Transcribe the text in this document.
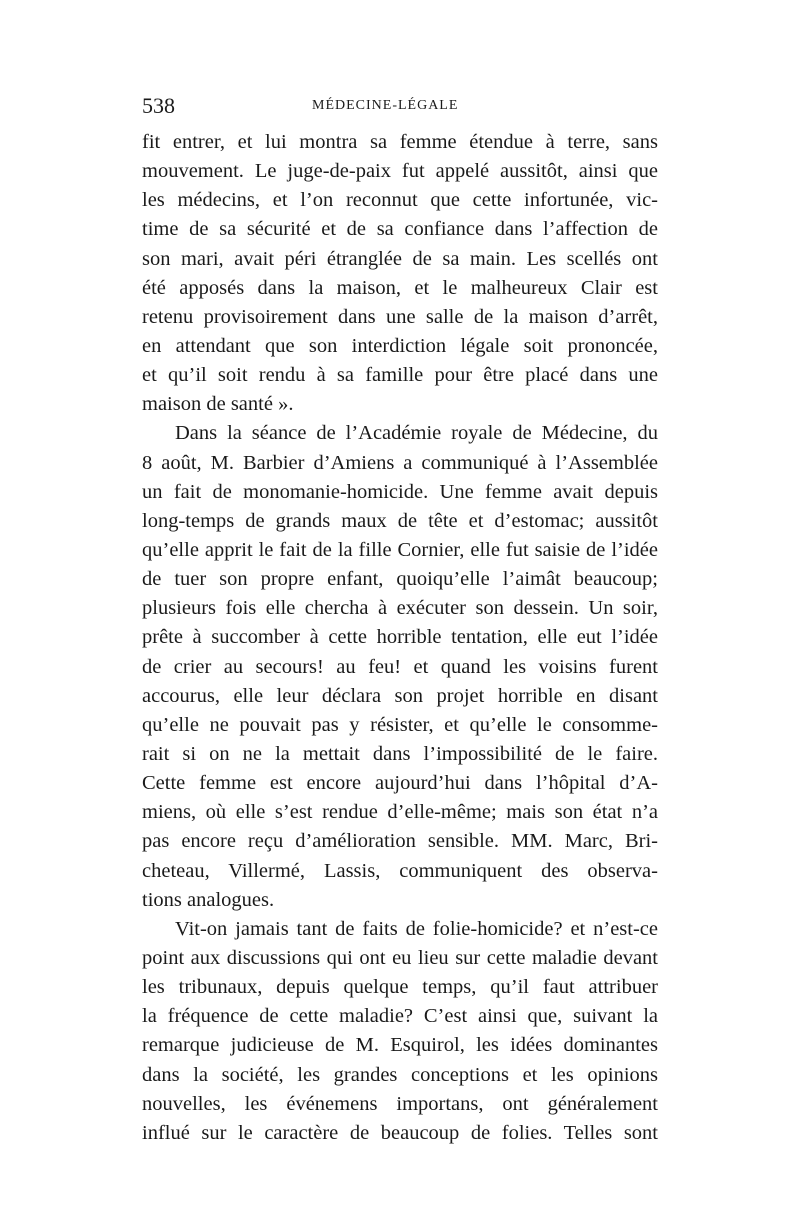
538	MÉDECINE-LÉGALE
fit entrer, et lui montra sa femme étendue à terre, sans
mouvement. Le juge-de-paix fut appelé aussitôt, ainsi que
les médecins, et l’on reconnut que cette infortunée, vic-
time de sa sécurité et de sa confiance dans l’affection de
son mari, avait péri étranglée de sa main. Les scellés ont
été apposés dans la maison, et le malheureux Clair est
retenu provisoirement dans une salle de la maison d’arrêt,
en attendant que son interdiction légale soit prononcée,
et qu’il soit rendu à sa famille pour être placé dans une
maison de santé ».
Dans la séance de l’Académie royale de Médecine, du
8 août, M. Barbier d’Amiens a communiqué à l’Assemblée
un fait de monomanie-homicide. Une femme avait depuis
long-temps de grands maux de tête et d’estomac; aussitôt
qu’elle apprit le fait de la fille Cornier, elle fut saisie de l’idée
de tuer son propre enfant, quoiqu’elle l’aimât beaucoup;
plusieurs fois elle chercha à exécuter son dessein. Un soir,
prête à succomber à cette horrible tentation, elle eut l’idée
de crier au secours! au feu! et quand les voisins furent
accourus, elle leur déclara son projet horrible en disant
qu’elle ne pouvait pas y résister, et qu’elle le consomme-
rait si on ne la mettait dans l’impossibilité de le faire.
Cette femme est encore aujourd’hui dans l’hôpital d’A-
miens, où elle s’est rendue d’elle-même; mais son état n’a
pas encore reçu d’amélioration sensible. MM. Marc, Bri-
cheteau, Villermé, Lassis, communiquent des observa-
tions analogues.
Vit-on jamais tant de faits de folie-homicide? et n’est-ce
point aux discussions qui ont eu lieu sur cette maladie devant
les tribunaux, depuis quelque temps, qu’il faut attribuer
la fréquence de cette maladie? C’est ainsi que, suivant la
remarque judicieuse de M. Esquirol, les idées dominantes
dans la société, les grandes conceptions et les opinions
nouvelles, les événemens importans, ont généralement
influé sur le caractère de beaucoup de folies. Telles sont
